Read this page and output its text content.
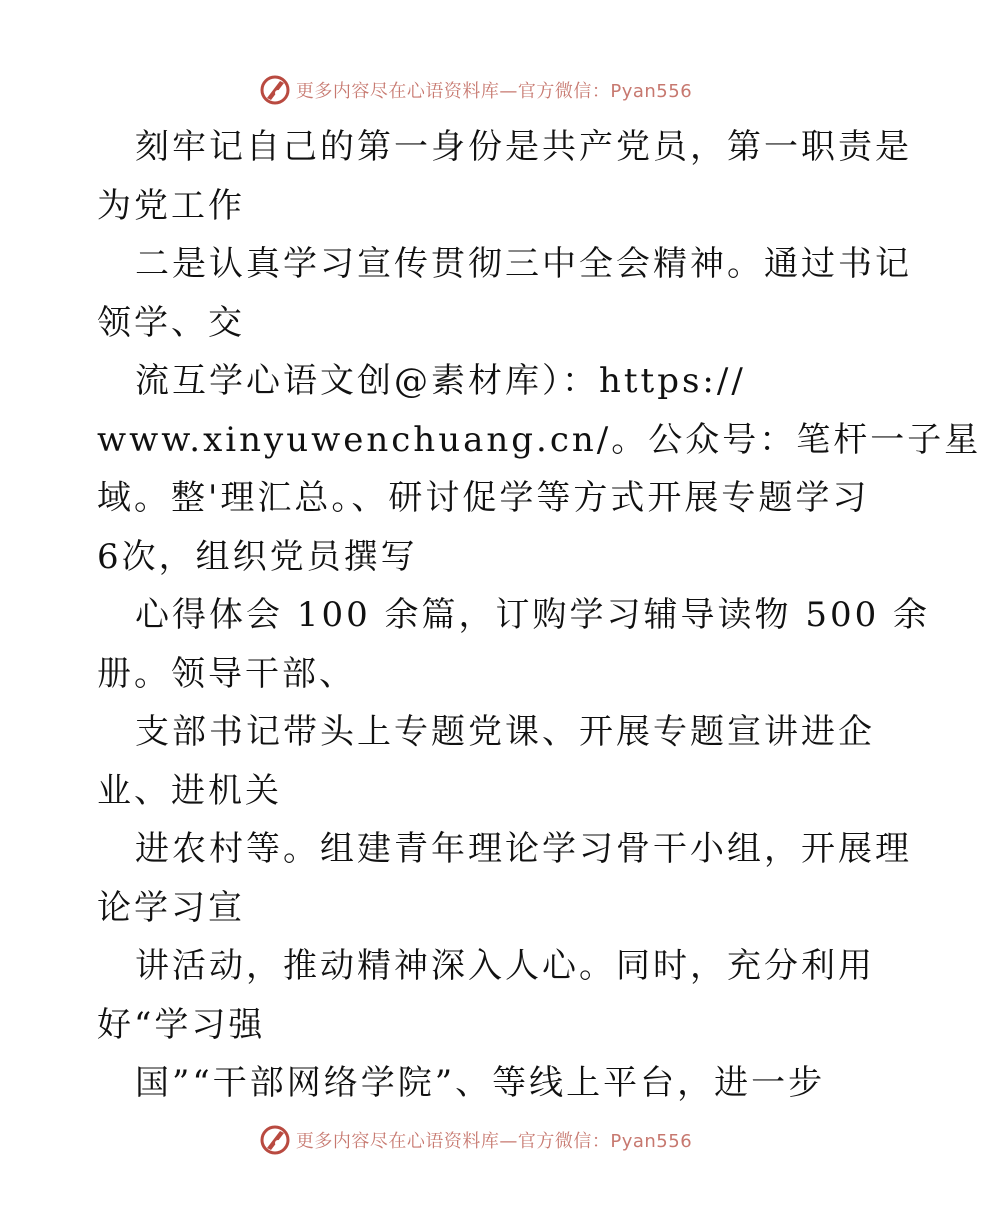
更多内容尽在心语资料库—官方微信：Pyan556
刻牢记自己的第一身份是共产党员，第一职责是
为党工作
二是认真学习宣传贯彻三中全会精神。通过书记
领学、交
流互学心语文创@素材库）：https://
www.xinyuwenchuang.cn/。公众号：笔杆一子星
域。整'理汇总。、研讨促学等方式开展专题学习
6次，组织党员撰写
心得体会 100 余篇，订购学习辅导读物 500 余
册。领导干部、
支部书记带头上专题党课、开展专题宣讲进企
业、进机关
进农村等。组建青年理论学习骨干小组，开展理
论学习宣
讲活动，推动精神深入人心。同时，充分利用
好“学习强
国”“干部网络学院”、等线上平台，进一步
更多内容尽在心语资料库—官方微信：Pyan556
